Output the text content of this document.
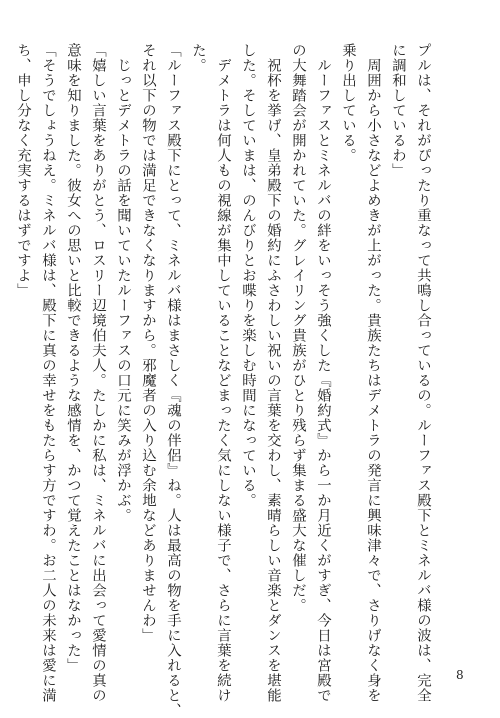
プルは、それがぴったり重なって共鳴し合っているの。ルーファス殿下とミネルバ様の波は、完全
に調和しているわ」
　周囲から小さなどよめきが上がった。貴族たちはデメトラの発言に興味津々で、さりげなく身を
乗り出している。
　ルーファスとミネルバの絆をいっそう強くした『婚約式』から一か月近くがすぎ、今日は宮殿で
の大舞踏会が開かれていた。グレイリング貴族がひとり残らず集まる盛大な催しだ。
　祝杯を挙げ、皇弟殿下の婚約にふさわしい祝いの言葉を交わし、素晴らしい音楽とダンスを堪能
した。そしていまは、のんびりとお喋りを楽しむ時間になっている。
　デメトラは何人もの視線が集中していることなどまったく気にしない様子で、さらに言葉を続け
た。
「ルーファス殿下にとって、ミネルバ様はまさしく『魂の伴侶』ね。人は最高の物を手に入れると、
それ以下の物では満足できなくなりますから。邪魔者の入り込む余地などありませんわ」
　じっとデメトラの話を聞いていたルーファスの口元に笑みが浮かぶ。
「嬉しい言葉をありがとう、ロスリー辺境伯夫人。たしかに私は、ミネルバに出会って愛情の真の
意味を知りました。彼女への思いと比較できるような感情を、かつて覚えたことはなかった」
「そうでしょうねえ。ミネルバ様は、殿下に真の幸せをもたらす方ですわ。お二人の未来は愛に満
ち、申し分なく充実するはずですよ」
8
